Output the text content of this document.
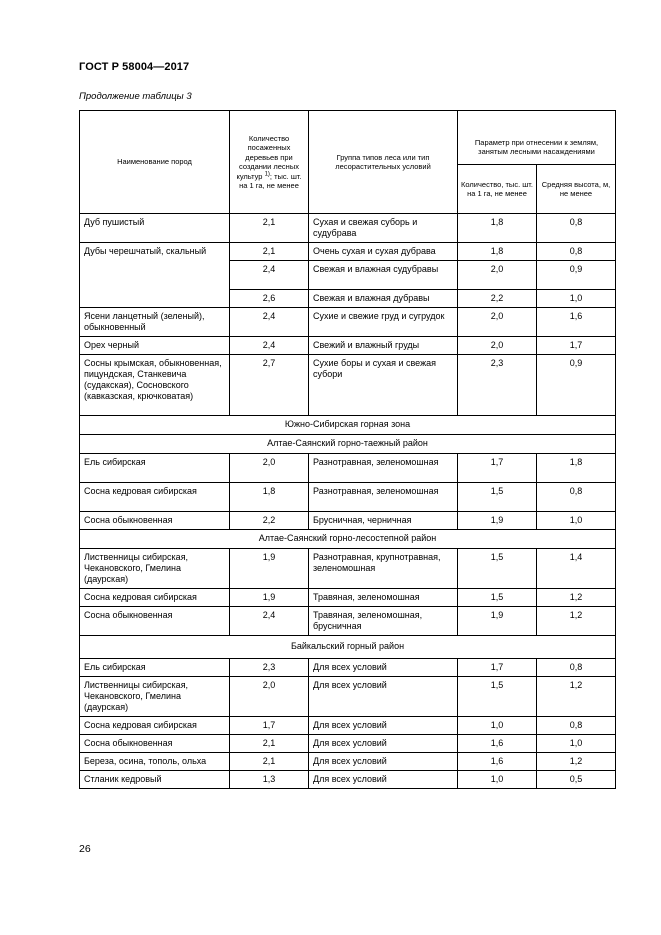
ГОСТ Р 58004—2017
Продолжение таблицы 3
Наименование пород	Количество посаженных деревьев при создании лесных культур $^{1)}$; тыс. шт. на 1 га, не менее	Группа типов леса или тип лесорастительных условий		
			Параметр при отнесении к землям, занятым лесными насаждениями	
			Количество, тыс. шт. на 1 га, не менее	Средняя высота, м, не менее
Дуб пушистый	2,1	Сухая и свежая суборь и судубрава	1,8	0,8
Дубы черешчатый, скальный	2,1	Очень сухая и сухая дубрава	1,8	0,8
	2,4	Свежая и влажная судубравы	2,0	0,9
	2,6	Свежая и влажная дубравы	2,2	1,0
Ясени ланцетный (зеленый), обыкновенный	2,4	Сухие и свежие груд и сугрудок	2,0	1,6
Орех черный	2,4	Свежий и влажный груды	2,0	1,7
Сосны крымская, обыкновенная, пицундская, Станкевича (судакская), Сосновского (кавказская, крючковатая)	2,7	Сухие боры и сухая и свежая субори	2,3	0,9
Южно-Сибирская горная зона				
Алтае-Саянский горно-таежный район				
Ель сибирская	2,0	Разнотравная, зеленомошная	1,7	1,8
Сосна кедровая сибирская	1,8	Разнотравная, зеленомошная	1,5	0,8
Сосна обыкновенная	2,2	Брусничная, черничная	1,9	1,0
Алтае-Саянский горно-лесостепной район				
Лиственницы сибирская, Чекановского, Гмелина (даурская)	1,9	Разнотравная, крупнотравная, зеленомошная	1,5	1,4
Сосна кедровая сибирская	1,9	Травяная, зеленомошная	1,5	1,2
Сосна обыкновенная	2,4	Травяная, зеленомошная, брусничная	1,9	1,2
Байкальский горный район				
Ель сибирская	2,3	Для всех условий	1,7	0,8
Лиственницы сибирская, Чекановского, Гмелина (даурская)	2,0	Для всех условий	1,5	1,2
Сосна кедровая сибирская	1,7	Для всех условий	1,0	0,8
Сосна обыкновенная	2,1	Для всех условий	1,6	1,0
Береза, осина, тополь, ольха	2,1	Для всех условий	1,6	1,2
Стланик кедровый	1,3	Для всех условий	1,0	0,5
26
